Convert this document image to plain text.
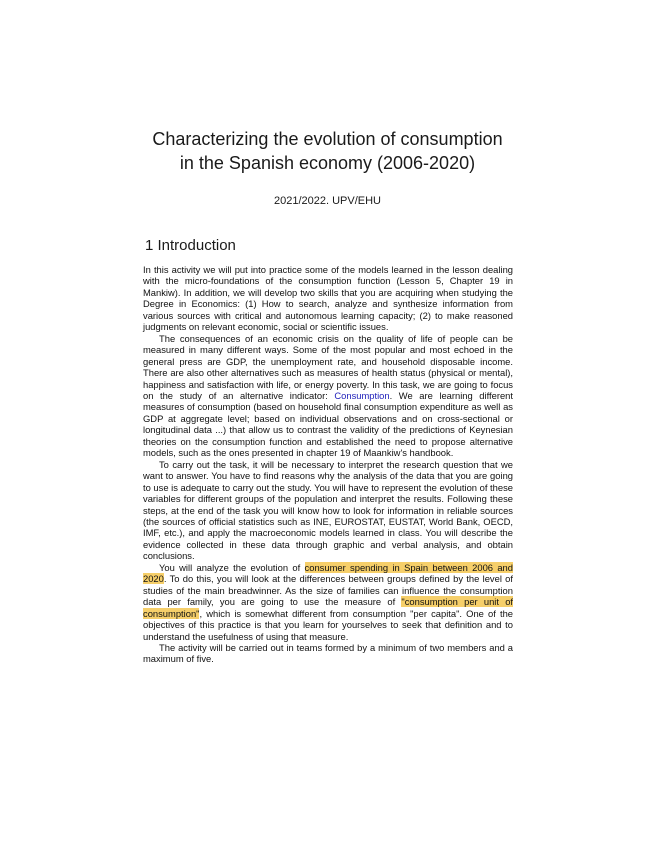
Characterizing the evolution of consumption
in the Spanish economy (2006-2020)
2021/2022. UPV/EHU
1 Introduction

In this activity we will put into practice some of the models learned in the lesson dealing with the micro-foundations of the consumption function (Lesson 5, Chapter 19 in Mankiw). In addition, we will develop two skills that you are acquiring when studying the Degree in Economics: (1) How to search, analyze and synthesize information from various sources with critical and autonomous learning capacity; (2) to make reasoned judgments on relevant economic, social or scientific issues.

The consequences of an economic crisis on the quality of life of people can be measured in many different ways. Some of the most popular and most echoed in the general press are GDP, the unemployment rate, and household disposable income. There are also other alternatives such as measures of health status (physical or mental), happiness and satisfaction with life, or energy poverty. In this task, we are going to focus on the study of an alternative indicator: Consumption. We are learning different measures of consumption (based on household final consumption expenditure as well as GDP at aggregate level; based on individual observations and on cross-sectional or longitudinal data ...) that allow us to contrast the validity of the predictions of Keynesian theories on the consumption function and established the need to propose alternative models, such as the ones presented in chapter 19 of Maankiw's handbook.

To carry out the task, it will be necessary to interpret the research question that we want to answer. You have to find reasons why the analysis of the data that you are going to use is adequate to carry out the study. You will have to represent the evolution of these variables for different groups of the population and interpret the results. Following these steps, at the end of the task you will know how to look for information in reliable sources (the sources of official statistics such as INE, EUROSTAT, EUSTAT, World Bank, OECD, IMF, etc.), and apply the macroeconomic models learned in class. You will describe the evidence collected in these data through graphic and verbal analysis, and obtain conclusions.

You will analyze the evolution of consumer spending in Spain between 2006 and 2020. To do this, you will look at the differences between groups defined by the level of studies of the main breadwinner. As the size of families can influence the consumption data per family, you are going to use the measure of "consumption per unit of consumption", which is somewhat different from consumption "per capita". One of the objectives of this practice is that you learn for yourselves to seek that definition and to understand the usefulness of using that measure.

The activity will be carried out in teams formed by a minimum of two members and a maximum of five.
